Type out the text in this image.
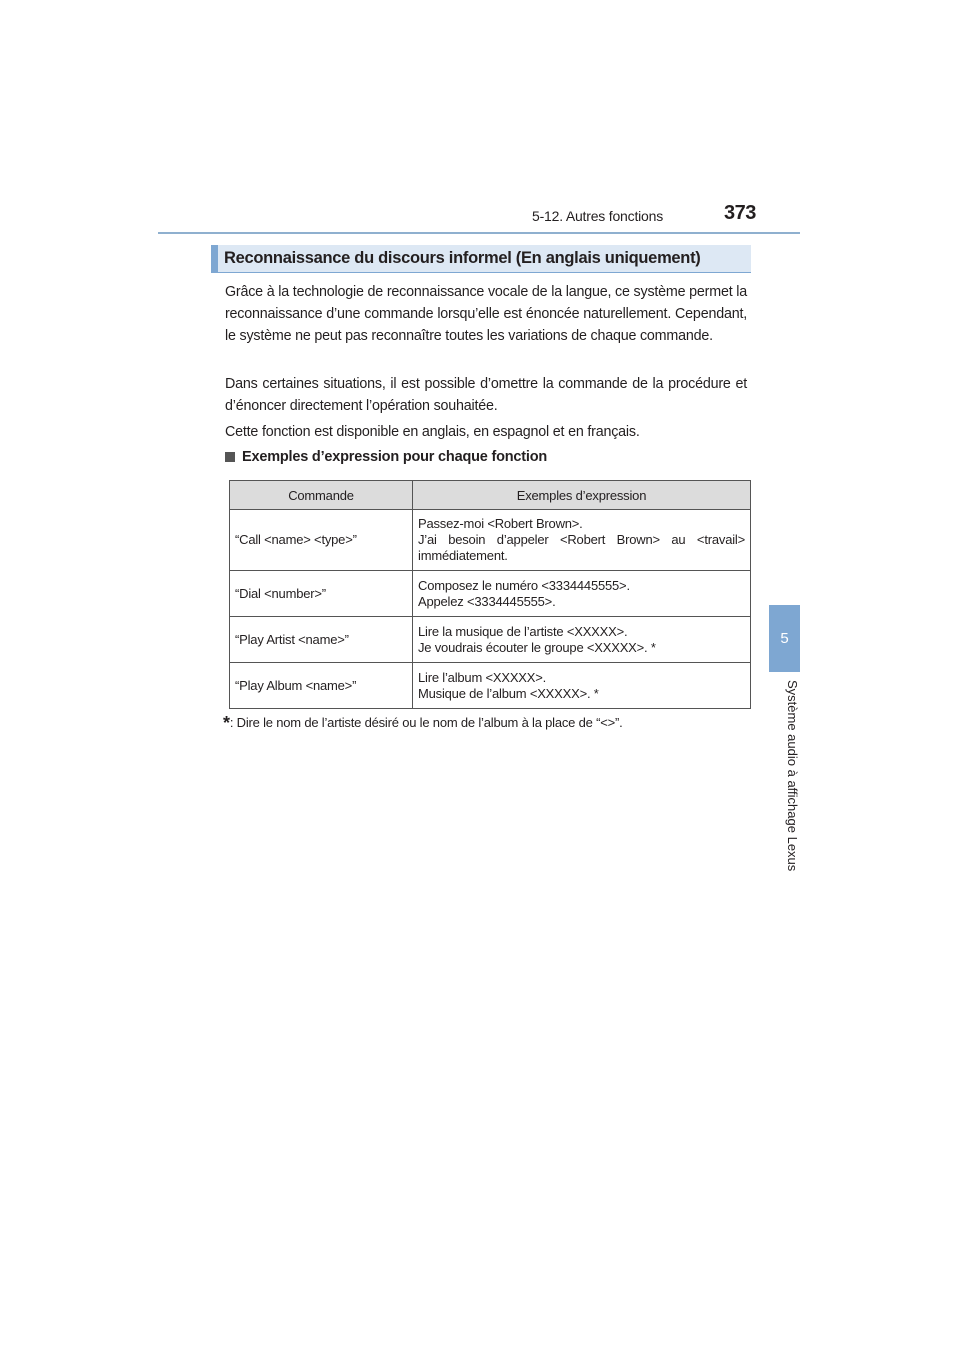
5-12. Autres fonctions	373
5
Système audio à affichage Lexus
Reconnaissance du discours informel (En anglais uniquement)
Grâce à la technologie de reconnaissance vocale de la langue, ce système permet la reconnaissance d’une commande lorsqu’elle est énoncée naturellement. Cependant, le système ne peut pas reconnaître toutes les variations de chaque commande.
Dans certaines situations, il est possible d’omettre la commande de la procédure et d’énoncer directement l’opération souhaitée.
Cette fonction est disponible en anglais, en espagnol et en français.
Exemples d’expression pour chaque fonction
Commande	Exemples d’expression
“Call <name> <type>”	Passez-moi <Robert Brown>.
J’ai besoin d’appeler <Robert Brown> au <travail>
immédiatement.

“Dial <number>”	Composez le numéro <3334445555>.
Appelez <3334445555>.

“Play Artist <name>”	Lire la musique de l’artiste <XXXXX>.
Je voudrais écouter le groupe <XXXXX>. *

“Play Album <name>”	Lire l’album <XXXXX>.
Musique de l’album <XXXXX>. *
*: Dire le nom de l’artiste désiré ou le nom de l’album à la place de “<>”.
